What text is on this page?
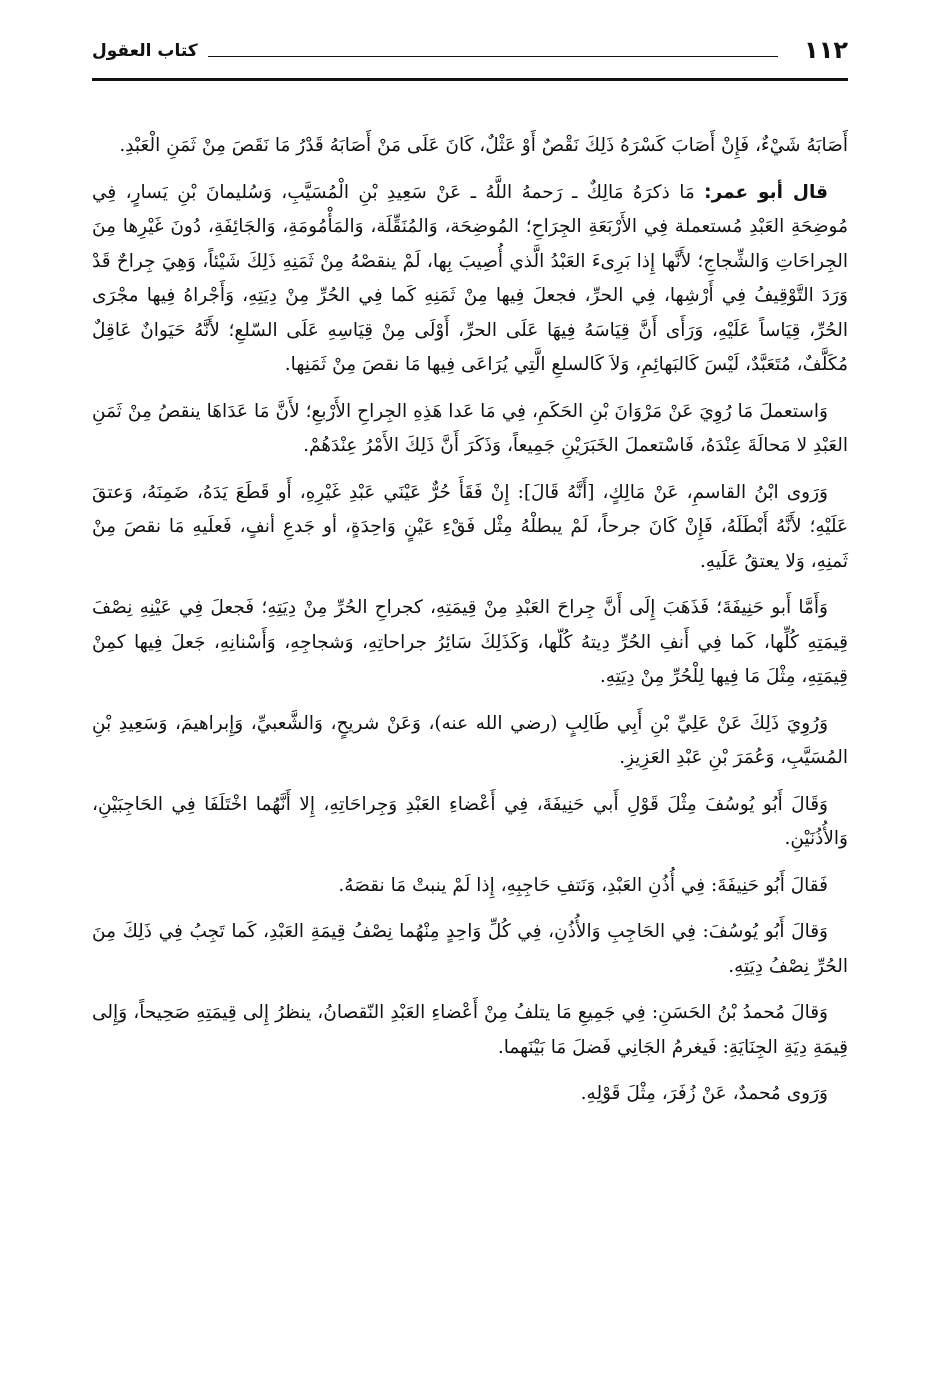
١١٢
كتاب العقول

أَصَابَهُ شَيْءٌ، فَإِنْ أَصَابَ كَسْرَهُ ذَلِكَ نَقْصٌ أَوْ عَثْلٌ، كَانَ عَلَى مَنْ أَصَابَهُ قَدْرُ مَا نَقَصَ مِنْ ثَمَنِ الْعَبْدِ.

قال أبو عمر: مَا ذكرَهُ مَالِكٌ ـ رَحمهُ اللَّهُ ـ عَنْ سَعِيدِ بْنِ الْمُسَيَّبِ، وَسُليمانَ بْنِ يَسارٍ، فِي مُوضِحَةِ العَبْدِ مُستعملة فِي الأَرْبَعَةِ الجِرَاحِ؛ المُوضِحَة، وَالمُنَقِّلَة، وَالمَأْمُومَةِ، وَالجَائِفَةِ، دُونَ غَيْرِها مِنَ الجِراحَاتِ وَالشِّجاجِ؛ لأَنَّها إِذا بَرِىءَ العَبْدُ الَّذي أُصِيبَ بِها، لَمْ ينقصْهُ مِنْ ثَمَنِهِ ذَلِكَ شَيْئاً، وَهِيَ جِراحٌ قَدْ وَرَدَ التَّوْقِيفُ فِي أَرْشِها، فِي الحرِّ، فجعلَ فِيها مِنْ ثَمَنِهِ كَما فِي الحُرِّ مِنْ دِيَتِهِ، وَأَجْراهُ فِيها مجْرَى الحُرِّ، قِيَاساً عَلَيْهِ، وَرَأَى أَنَّ قِيَاسَهُ فِيهَا عَلَى الحرِّ، أَوْلَى مِنْ قِيَاسِهِ عَلَى السّلعِ؛ لأَنَّهُ حَيَوانٌ عَاقِلٌ مُكَلَّفٌ، مُتَعَبَّدٌ، لَيْسَ كَالبَهائِمِ، وَلاَ كَالسلعِ الَّتِي يُرَاعَى فِيها مَا نقصَ مِنْ ثَمَنِها.

وَاستعملَ مَا رُوِيَ عَنْ مَرْوَانَ بْنِ الحَكَمِ، فِي مَا عَدا هَذِهِ الجِراحِ الأَرْبعِ؛ لأَنَّ مَا عَدَاهَا ينقصُ مِنْ ثَمَنِ العَبْدِ لا مَحالَةَ عِنْدَهُ، فَاسْتعملَ الخَبَرَيْنِ جَمِيعاً، وَذَكَرَ أَنَّ ذَلِكَ الأَمْرُ عِنْدَهُمْ.

وَرَوى ابْنُ القاسمِ، عَنْ مَالِكٍ، [أَنَّهُ قَالَ]: إِنْ فَقَأَ حُرٌّ عَيْنَي عَبْدِ غَيْرِهِ، أَو قَطَعَ يَدَهُ، ضَمِنَهُ، وَعتقَ عَلَيْهِ؛ لأَنَّهُ أَبْطَلَهُ، فَإِنْ كَانَ جرحاً، لَمْ يبطلْهُ مِثْل فَقْءِ عَيْنٍ وَاحِدَةٍ، أو جَدعِ أنفٍ، فَعلَيهِ مَا نقصَ مِنْ ثَمنِهِ، وَلا يعتقُ عَلَيهِ.

وَأَمَّا أَبو حَنِيفَةَ؛ فَذَهَبَ إِلَى أَنَّ جِراحَ العَبْدِ مِنْ قِيمَتِهِ، كجراحِ الحُرِّ مِنْ دِيَتِهِ؛ فَجعلَ فِي عَيْنِهِ نِصْفَ قِيمَتِهِ كُلِّها، كَما فِي أَنفِ الحُرِّ دِيتهُ كُلّها، وَكَذَلِكَ سَائِرُ جراحاتِهِ، وَشجاجِهِ، وَأَسْنانِهِ، جَعلَ فِيها كمِنْ قِيمَتِهِ، مِثْلَ مَا فِيها لِلْحُرِّ مِنْ دِيَتِهِ.

وَرُوِيَ ذَلِكَ عَنْ عَلِيِّ بْنِ أَبِي طَالِبٍ (رضي الله عنه)، وَعَنْ شريحٍ، وَالشَّعبيِّ، وَإِبراهيمَ، وَسَعِيدِ بْنِ المُسَيَّبِ، وَعُمَرَ بْنِ عَبْدِ العَزِيزِ.

وَقَالَ أَبُو يُوسُفَ مِثْلَ قَوْلِ أَبي حَنِيفَةَ، فِي أَعْضاءِ العَبْدِ وَجِراحَاتِهِ، إِلا أَنَّهُما اخْتَلَفَا فِي الحَاجِبَيْنِ، وَالأُذُنَيْنِ.

فَقالَ أَبُو حَنِيفَةَ: فِي أُذُنِ العَبْدِ، وَنَتفِ حَاجِبِهِ، إِذا لَمْ ينبتْ مَا نقصَهُ.

وَقالَ أَبُو يُوسُفَ: فِي الحَاجِبِ وَالأُذُنِ، فِي كُلِّ وَاحِدٍ مِنْهُما نِصْفُ قِيمَةِ العَبْدِ، كَما تَجِبُ فِي ذَلِكَ مِنَ الحُرِّ نِصْفُ دِيَتِهِ.

وَقالَ مُحمدُ بْنُ الحَسَنِ: فِي جَمِيعِ مَا يتلفُ مِنْ أَعْضاءِ العَبْدِ النّقصانُ، ينظرُ إِلى قِيمَتِهِ صَحِيحاً، وَإِلى قِيمَةِ دِيَةِ الجِنَايَةِ: فَيغرمُ الجَانِي فَضلَ مَا بَيْنَهما.

وَرَوى مُحمدٌ، عَنْ زُفَرَ، مِثْلَ قَوْلِهِ.
